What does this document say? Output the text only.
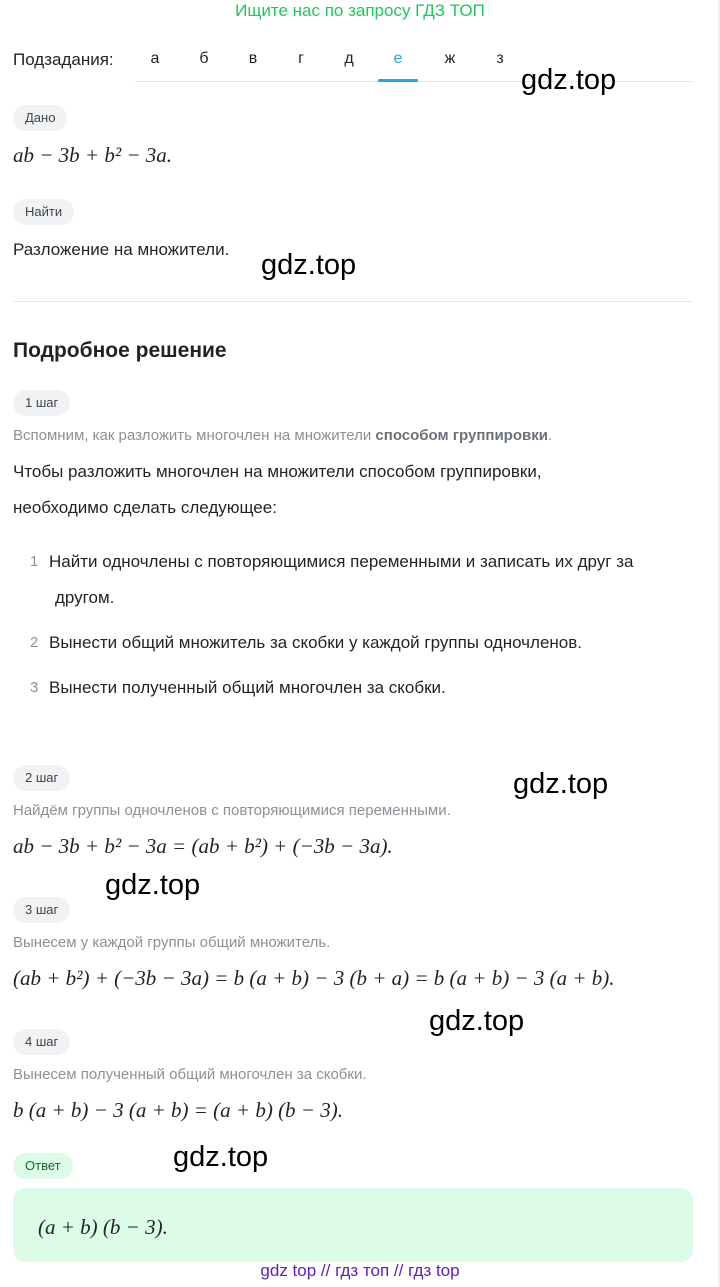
Ищите нас по запросу ГДЗ ТОП
Подзадания:	а	б	в	г	д	е	ж	з
Дано
ab − 3b + b² − 3a.
Найти
Разложение на множители.
Подробное решение
1 шаг
Вспомним, как разложить многочлен на множители способом группировки.
Чтобы разложить многочлен на множители способом группировки,
необходимо сделать следующее:
1 Найти одночлены с повторяющимися переменными и записать их друг за
другом.
2 Вынести общий множитель за скобки у каждой группы одночленов.
3 Вынести полученный общий многочлен за скобки.
2 шаг
Найдём группы одночленов с повторяющимися переменными.
ab − 3b + b² − 3a = (ab + b²) + (−3b − 3a).
3 шаг
Вынесем у каждой группы общий множитель.
(ab + b²) + (−3b − 3a) = b (a + b) − 3 (b + a) = b (a + b) − 3 (a + b).
4 шаг
Вынесем полученный общий многочлен за скобки.
b (a + b) − 3 (a + b) = (a + b) (b − 3).
Ответ
(a + b) (b − 3).
gdz.top
gdz.top
gdz.top
gdz.top
gdz.top
gdz.top
gdz top // гдз топ // гдз top
